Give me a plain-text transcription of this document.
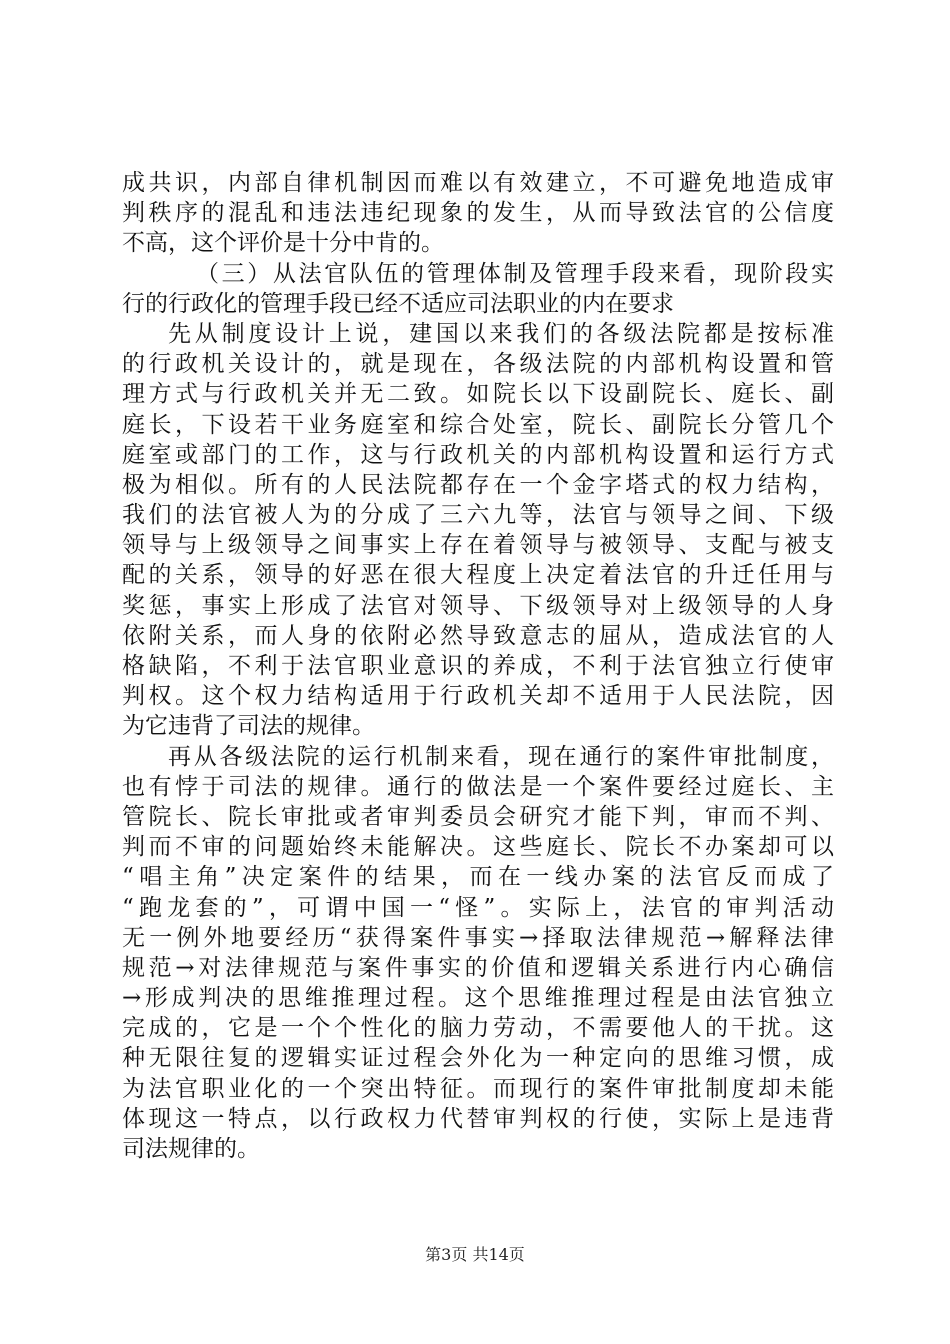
成共识，内部自律机制因而难以有效建立，不可避免地造成审
判秩序的混乱和违法违纪现象的发生，从而导致法官的公信度
不高，这个评价是十分中肯的。
（三）从法官队伍的管理体制及管理手段来看，现阶段实
行的行政化的管理手段已经不适应司法职业的内在要求
先从制度设计上说，建国以来我们的各级法院都是按标准
的行政机关设计的，就是现在，各级法院的内部机构设置和管
理方式与行政机关并无二致。如院长以下设副院长、庭长、副
庭长，下设若干业务庭室和综合处室，院长、副院长分管几个
庭室或部门的工作，这与行政机关的内部机构设置和运行方式
极为相似。所有的人民法院都存在一个金字塔式的权力结构，
我们的法官被人为的分成了三六九等，法官与领导之间、下级
领导与上级领导之间事实上存在着领导与被领导、支配与被支
配的关系，领导的好恶在很大程度上决定着法官的升迁任用与
奖惩，事实上形成了法官对领导、下级领导对上级领导的人身
依附关系，而人身的依附必然导致意志的屈从，造成法官的人
格缺陷，不利于法官职业意识的养成，不利于法官独立行使审
判权。这个权力结构适用于行政机关却不适用于人民法院，因
为它违背了司法的规律。
再从各级法院的运行机制来看，现在通行的案件审批制度，
也有悖于司法的规律。通行的做法是一个案件要经过庭长、主
管院长、院长审批或者审判委员会研究才能下判，审而不判、
判而不审的问题始终未能解决。这些庭长、院长不办案却可以
“唱主角”决定案件的结果，而在一线办案的法官反而成了
“跑龙套的”，可谓中国一“怪”。实际上，法官的审判活动
无一例外地要经历“获得案件事实→择取法律规范→解释法律
规范→对法律规范与案件事实的价值和逻辑关系进行内心确信
→形成判决的思维推理过程。这个思维推理过程是由法官独立
完成的，它是一个个性化的脑力劳动，不需要他人的干扰。这
种无限往复的逻辑实证过程会外化为一种定向的思维习惯，成
为法官职业化的一个突出特征。而现行的案件审批制度却未能
体现这一特点，以行政权力代替审判权的行使，实际上是违背
司法规律的。
第3页 共14页
